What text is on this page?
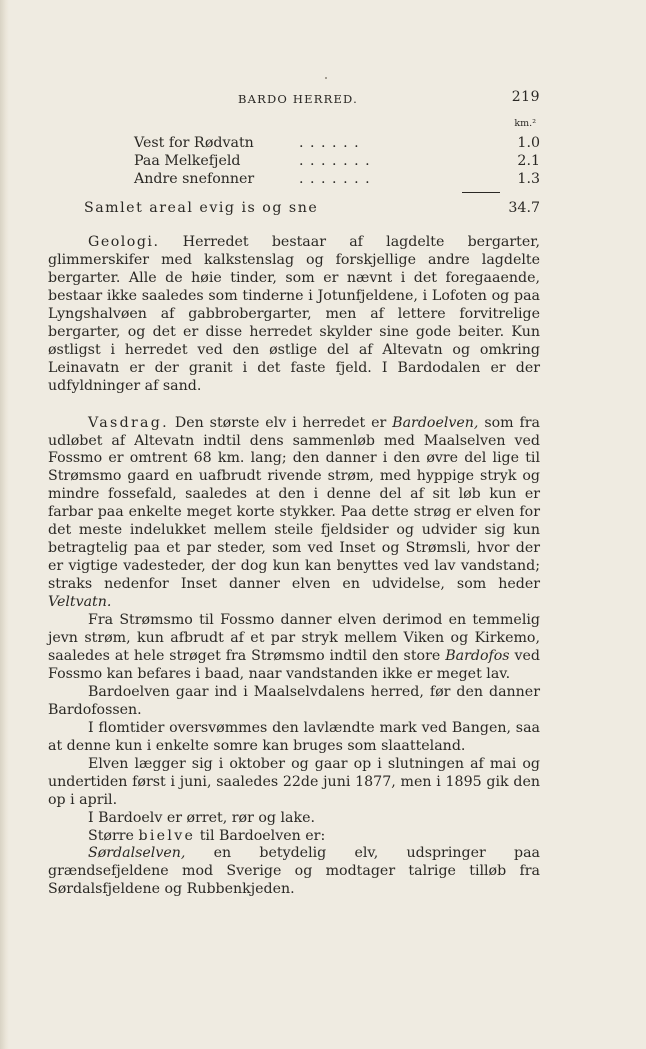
BARDO HERRED.	219
km.²
Vest for Rødvatn	. . . . . .	1.0
Paa Melkefjeld	. . . . . . .	2.1
Andre snefonner	. . . . . . .	1.3
Samlet areal evig is og sne	34.7

Geologi. Herredet bestaar af lagdelte bergarter, glimmerskifer med kalkstenslag og forskjellige andre lagdelte bergarter. Alle de høie tinder, som er nævnt i det foregaaende, bestaar ikke saaledes som tinderne i Jotunfjeldene, i Lofoten og paa Lyngshalvøen af gabbrobergarter, men af lettere forvitrelige bergarter, og det er disse herredet skylder sine gode beiter. Kun østligst i herredet ved den østlige del af Altevatn og omkring Leinavatn er der granit i det faste fjeld. I Bardodalen er der udfyldninger af sand.

Vasdrag. Den største elv i herredet er Bardoelven, som fra udløbet af Altevatn indtil dens sammenløb med Maalselven ved Fossmo er omtrent 68 km. lang; den danner i den øvre del lige til Strømsmo gaard en uafbrudt rivende strøm, med hyppige stryk og mindre fossefald, saaledes at den i denne del af sit løb kun er farbar paa enkelte meget korte stykker. Paa dette strøg er elven for det meste indelukket mellem steile fjeldsider og udvider sig kun betragtelig paa et par steder, som ved Inset og Strømsli, hvor der er vigtige vadesteder, der dog kun kan benyttes ved lav vandstand; straks nedenfor Inset danner elven en udvidelse, som heder Veltvatn.

Fra Strømsmo til Fossmo danner elven derimod en temmelig jevn strøm, kun afbrudt af et par stryk mellem Viken og Kirkemo, saaledes at hele strøget fra Strømsmo indtil den store Bardofos ved Fossmo kan befares i baad, naar vandstanden ikke er meget lav.

Bardoelven gaar ind i Maalselvdalens herred, før den danner Bardofossen.

I flomtider oversvømmes den lavlændte mark ved Bangen, saa at denne kun i enkelte somre kan bruges som slaatteland.

Elven lægger sig i oktober og gaar op i slutningen af mai og undertiden først i juni, saaledes 22de juni 1877, men i 1895 gik den op i april.

I Bardoelv er ørret, rør og lake.

Større bielve til Bardoelven er:

Sørdalselven, en betydelig elv, udspringer paa grændsefjeldene mod Sverige og modtager talrige tilløb fra Sørdalsfjeldene og Rubbenkjeden.
